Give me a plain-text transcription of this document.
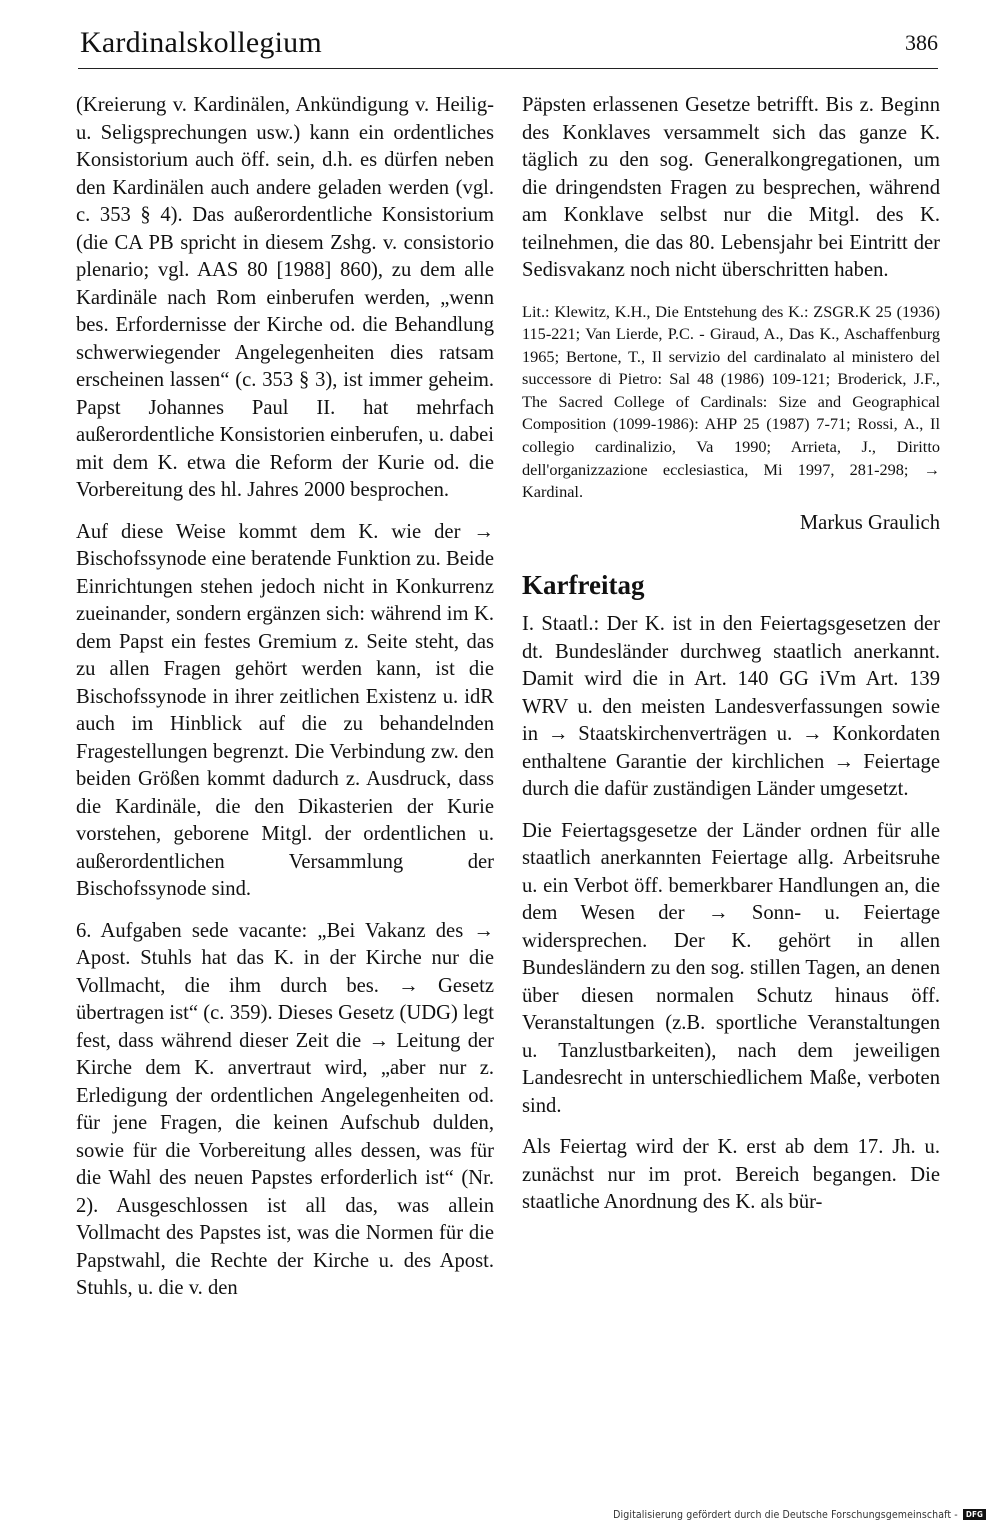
Kardinalskollegium	386

(Kreierung v. Kardinälen, Ankündigung v. Heilig- u. Seligsprechungen usw.) kann ein ordentliches Konsistorium auch öff. sein, d.h. es dürfen neben den Kardinälen auch andere geladen werden (vgl. c. 353 § 4). Das außerordentliche Konsistorium (die CA PB spricht in diesem Zshg. v. consistorio plenario; vgl. AAS 80 [1988] 860), zu dem alle Kardinäle nach Rom einberufen werden, „wenn bes. Erfordernisse der Kirche od. die Behandlung schwerwiegender Angelegenheiten dies ratsam erscheinen lassen“ (c. 353 § 3), ist immer geheim. Papst Johannes Paul II. hat mehrfach außerordentliche Konsistorien einberufen, u. dabei mit dem K. etwa die Reform der Kurie od. die Vorbereitung des hl. Jahres 2000 besprochen.

Auf diese Weise kommt dem K. wie der → Bischofssynode eine beratende Funktion zu. Beide Einrichtungen stehen jedoch nicht in Konkurrenz zueinander, sondern ergänzen sich: während im K. dem Papst ein festes Gremium z. Seite steht, das zu allen Fragen gehört werden kann, ist die Bischofssynode in ihrer zeitlichen Existenz u. idR auch im Hinblick auf die zu behandelnden Fragestellungen begrenzt. Die Verbindung zw. den beiden Größen kommt dadurch z. Ausdruck, dass die Kardinäle, die den Dikasterien der Kurie vorstehen, geborene Mitgl. der ordentlichen u. außerordentlichen Versammlung der Bischofssynode sind.

6. Aufgaben sede vacante: „Bei Vakanz des → Apost. Stuhls hat das K. in der Kirche nur die Vollmacht, die ihm durch bes. → Gesetz übertragen ist“ (c. 359). Dieses Gesetz (UDG) legt fest, dass während dieser Zeit die → Leitung der Kirche dem K. anvertraut wird, „aber nur z. Erledigung der ordentlichen Angelegenheiten od. für jene Fragen, die keinen Aufschub dulden, sowie für die Vorbereitung alles dessen, was für die Wahl des neuen Papstes erforderlich ist“ (Nr. 2). Ausgeschlossen ist all das, was allein Vollmacht des Papstes ist, was die Normen für die Papstwahl, die Rechte der Kirche u. des Apost. Stuhls, u. die v. den

Päpsten erlassenen Gesetze betrifft. Bis z. Beginn des Konklaves versammelt sich das ganze K. täglich zu den sog. Generalkongregationen, um die dringendsten Fragen zu besprechen, während am Konklave selbst nur die Mitgl. des K. teilnehmen, die das 80. Lebensjahr bei Eintritt der Sedisvakanz noch nicht überschritten haben.

Lit.: Klewitz, K.H., Die Entstehung des K.: ZSGR.K 25 (1936) 115-221; Van Lierde, P.C. - Giraud, A., Das K., Aschaffenburg 1965; Bertone, T., Il servizio del cardinalato al ministero del successore di Pietro: Sal 48 (1986) 109-121; Broderick, J.F., The Sacred College of Cardinals: Size and Geographical Composition (1099-1986): AHP 25 (1987) 7-71; Rossi, A., Il collegio cardinalizio, Va 1990; Arrieta, J., Diritto dell'organizzazione ecclesiastica, Mi 1997, 281-298; → Kardinal.

Markus Graulich

Karfreitag

I. Staatl.: Der K. ist in den Feiertagsgesetzen der dt. Bundesländer durchweg staatlich anerkannt. Damit wird die in Art. 140 GG iVm Art. 139 WRV u. den meisten Landesverfassungen sowie in → Staatskirchenverträgen u. → Konkordaten enthaltene Garantie der kirchlichen → Feiertage durch die dafür zuständigen Länder umgesetzt.

Die Feiertagsgesetze der Länder ordnen für alle staatlich anerkannten Feiertage allg. Arbeitsruhe u. ein Verbot öff. bemerkbarer Handlungen an, die dem Wesen der → Sonn- u. Feiertage widersprechen. Der K. gehört in allen Bundesländern zu den sog. stillen Tagen, an denen über diesen normalen Schutz hinaus öff. Veranstaltungen (z.B. sportliche Veranstaltungen u. Tanzlustbarkeiten), nach dem jeweiligen Landesrecht in unterschiedlichem Maße, verboten sind.

Als Feiertag wird der K. erst ab dem 17. Jh. u. zunächst nur im prot. Bereich begangen. Die staatliche Anordnung des K. als bür-

Digitalisierung gefördert durch die Deutsche Forschungsgemeinschaft - DFG
